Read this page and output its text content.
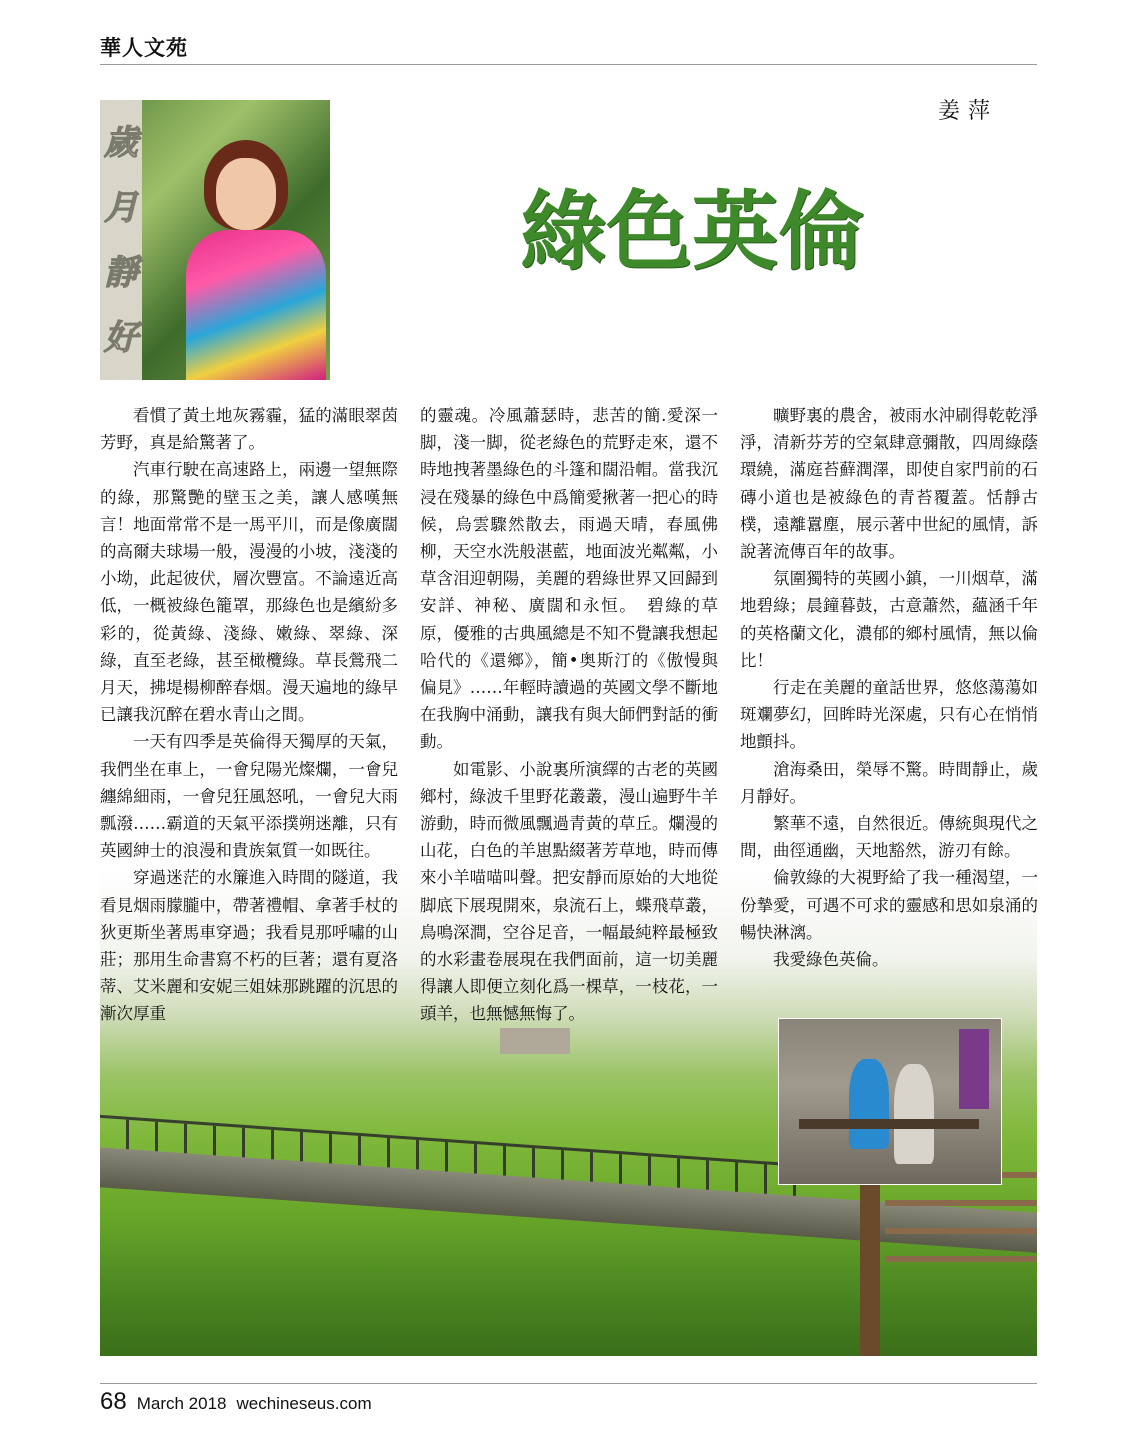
華人文苑
歲
月
靜
好
姜萍
綠色英倫

看慣了黃土地灰霧霾，猛的滿眼翠茵芳野，真是給驚著了。

汽車行駛在高速路上，兩邊一望無際的綠，那驚艷的壁玉之美，讓人感嘆無言！地面常常不是一馬平川，而是像廣闊的高爾夫球場一般，漫漫的小坡，淺淺的小坳，此起彼伏，層次豐富。不論遠近高低，一概被綠色籠罩，那綠色也是繽紛多彩的，從黃綠、淺綠、嫩綠、翠綠、深綠，直至老綠，甚至橄欖綠。草長鶯飛二月天，拂堤楊柳醉春烟。漫天遍地的綠早已讓我沉醉在碧水青山之間。

一天有四季是英倫得天獨厚的天氣，我們坐在車上，一會兒陽光燦爛，一會兒纏綿細雨，一會兒狂風怒吼，一會兒大雨瓢潑……霸道的天氣平添撲朔迷離，只有英國紳士的浪漫和貴族氣質一如既往。

穿過迷茫的水簾進入時間的隧道，我看見烟雨朦朧中，帶著禮帽、拿著手杖的狄更斯坐著馬車穿過；我看見那呼嘯的山莊；那用生命書寫不朽的巨著；還有夏洛蒂、艾米麗和安妮三姐妹那跳躍的沉思的漸次厚重

的靈魂。冷風蕭瑟時，悲苦的簡.愛深一脚，淺一脚，從老綠色的荒野走來，還不時地拽著墨綠色的斗篷和闊沿帽。當我沉浸在殘暴的綠色中爲簡愛揪著一把心的時候，烏雲驟然散去，雨過天晴，春風佛柳，天空水洗般湛藍，地面波光粼粼，小草含泪迎朝陽，美麗的碧綠世界又回歸到安詳、神秘、廣闊和永恒。　碧綠的草原，優雅的古典風總是不知不覺讓我想起哈代的《還鄉》，簡•奥斯汀的《傲慢與偏見》……年輕時讀過的英國文學不斷地在我胸中涌動，讓我有與大師們對話的衝動。

如電影、小說裏所演繹的古老的英國鄉村，綠波千里野花叢叢，漫山遍野牛羊游動，時而微風飄過青黃的草丘。爛漫的山花，白色的羊崽點綴著芳草地，時而傳來小羊喵喵叫聲。把安靜而原始的大地從脚底下展現開來，泉流石上，蝶飛草叢，鳥鳴深澗，空谷足音，一幅最純粹最極致的水彩畫卷展現在我們面前，這一切美麗得讓人即便立刻化爲一棵草，一枝花，一頭羊，也無憾無悔了。

曠野裏的農舍，被雨水沖刷得乾乾淨淨，清新芬芳的空氣肆意彌散，四周綠蔭環繞，滿庭苔蘚潤澤，即使自家門前的石磚小道也是被綠色的青苔覆蓋。恬靜古樸，遠離囂塵，展示著中世紀的風情，訴說著流傳百年的故事。

氛圍獨特的英國小鎮，一川烟草，滿地碧綠；晨鐘暮鼓，古意蕭然，蘊涵千年的英格蘭文化，濃郁的鄉村風情，無以倫比！

行走在美麗的童話世界，悠悠蕩蕩如斑斕夢幻，回眸時光深處，只有心在悄悄地顫抖。

滄海桑田，榮辱不驚。時間靜止，歲月靜好。

繁華不遠，自然很近。傳統與現代之間，曲徑通幽，天地豁然，游刃有餘。

倫敦綠的大視野給了我一種渴望，一份摯愛，可遇不可求的靈感和思如泉涌的暢快淋漓。

我愛綠色英倫。

68 March 2018 wechineseus.com
